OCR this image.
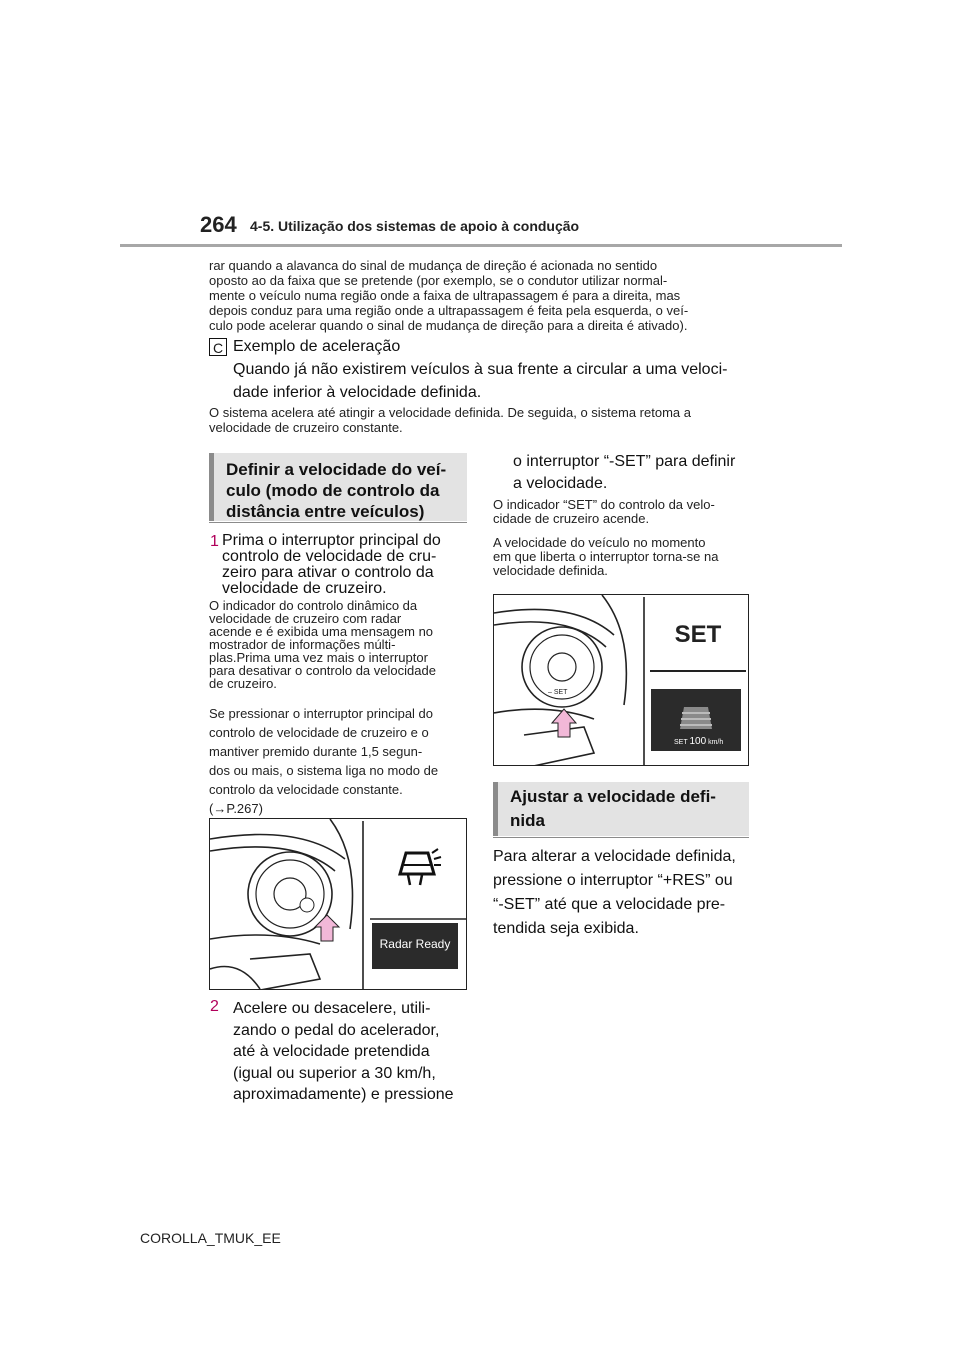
264 4-5. Utilização dos sistemas de apoio à condução
rar quando a alavanca do sinal de mudança de direção é acionada no sentido
oposto ao da faixa que se pretende (por exemplo, se o condutor utilizar normal-
mente o veículo numa região onde a faixa de ultrapassagem é para a direita, mas
depois conduz para uma região onde a ultrapassagem é feita pela esquerda, o veí-
culo pode acelerar quando o sinal de mudança de direção para a direita é ativado).
C Exemplo de aceleração
Quando já não existirem veículos à sua frente a circular a uma veloci-
dade inferior à velocidade definida.
O sistema acelera até atingir a velocidade definida. De seguida, o sistema retoma a
velocidade de cruzeiro constante.
Definir a velocidade do veí-
culo (modo de controlo da
distância entre veículos)
1 Prima o interruptor principal do
controlo de velocidade de cru-
zeiro para ativar o controlo da
velocidade de cruzeiro.
O indicador do controlo dinâmico da
velocidade de cruzeiro com radar
acende e é exibida uma mensagem no
mostrador de informações múlti-
plas.Prima uma vez mais o interruptor
para desativar o controlo da velocidade
de cruzeiro.
Se pressionar o interruptor principal do
controlo de velocidade de cruzeiro e o
mantiver premido durante 1,5 segun-
dos ou mais, o sistema liga no modo de
controlo da velocidade constante.
(→P.267)
Radar Ready
2 Acelere ou desacelere, utili-
zando o pedal do acelerador,
até à velocidade pretendida
(igual ou superior a 30 km/h,
aproximadamente) e pressione
o interruptor “-SET” para definir
a velocidade.
O indicador “SET” do controlo da velo-
cidade de cruzeiro acende.
A velocidade do veículo no momento
em que liberta o interruptor torna-se na
velocidade definida.
SET
– SET
SET 100 km/h
Ajustar a velocidade defi-
nida
Para alterar a velocidade definida,
pressione o interruptor “+RES” ou
“-SET” até que a velocidade pre-
tendida seja exibida.
COROLLA_TMUK_EE
